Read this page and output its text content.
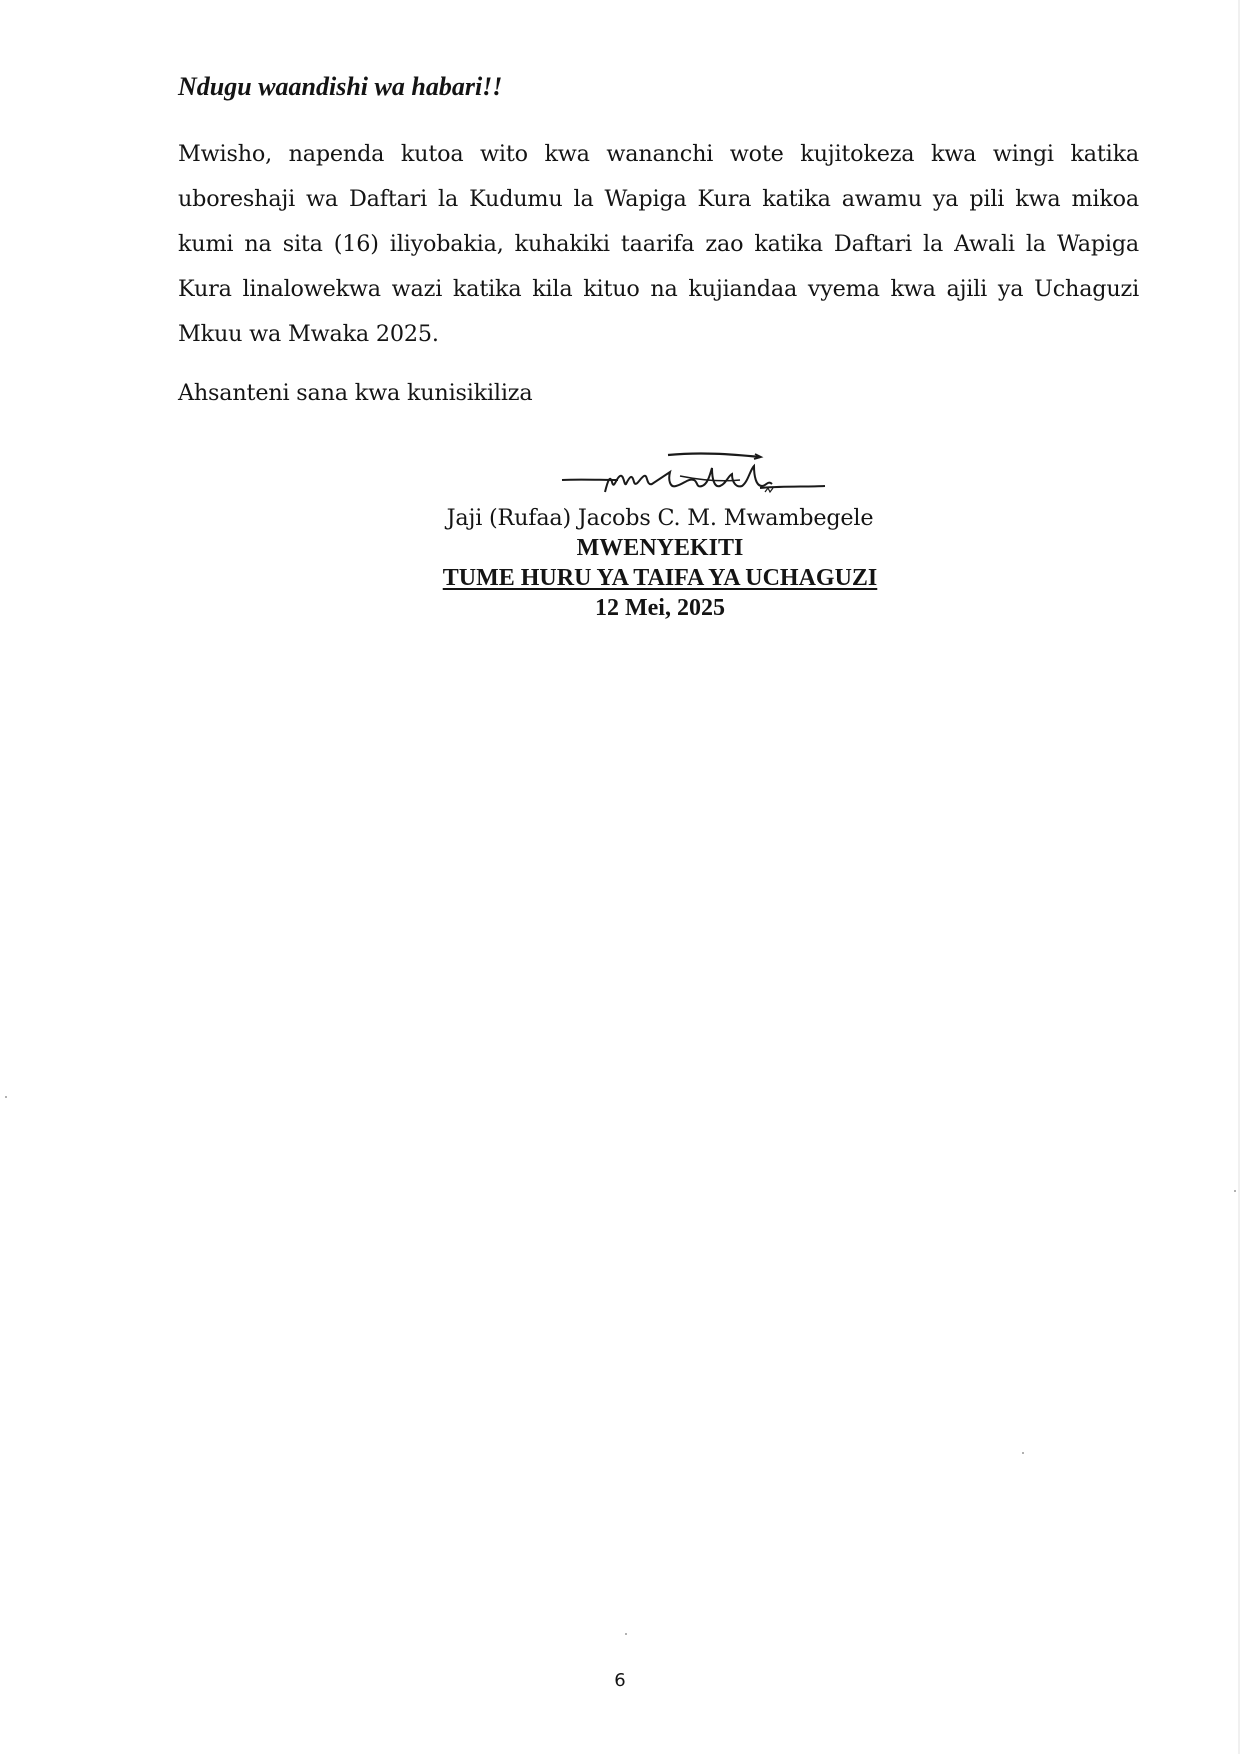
Ndugu waandishi wa habari!!

Mwisho, napenda kutoa wito kwa wananchi wote kujitokeza kwa wingi katika uboreshaji wa Daftari la Kudumu la Wapiga Kura katika awamu ya pili kwa mikoa kumi na sita (16) iliyobakia, kuhakiki taarifa zao katika Daftari la Awali la Wapiga Kura linalowekwa wazi katika kila kituo na kujiandaa vyema kwa ajili ya Uchaguzi Mkuu wa Mwaka 2025.

Ahsanteni sana kwa kunisikiliza

Jaji (Rufaa) Jacobs C. M. Mwambegele

MWENYEKITI

TUME HURU YA TAIFA YA UCHAGUZI

12 Mei, 2025

6
